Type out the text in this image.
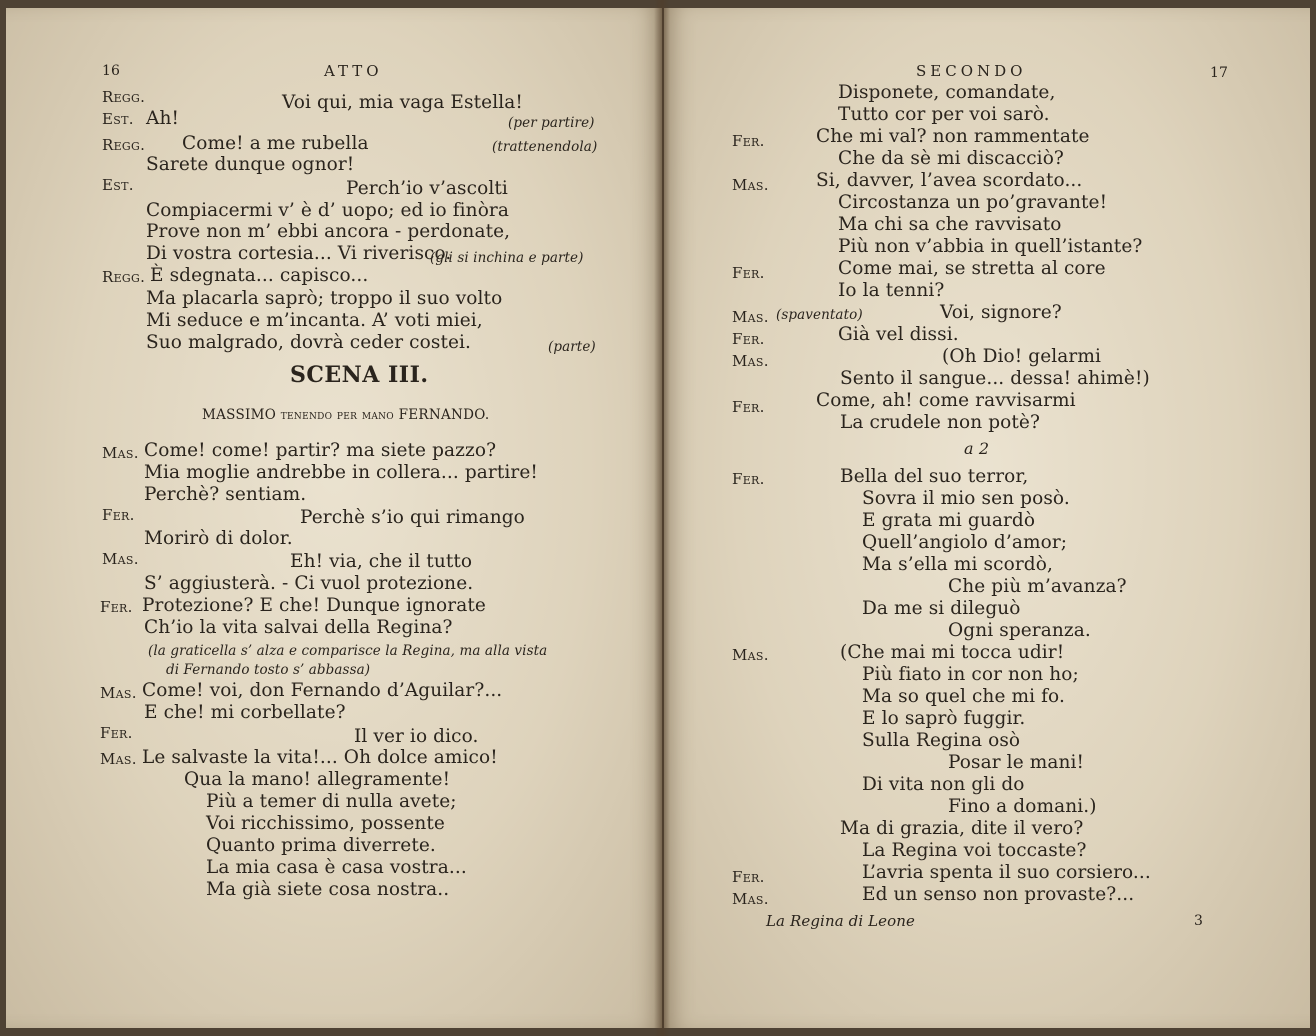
16	ATTO
Regg.	Voi qui, mia vaga Estella!
Est. Ah!	(per partire)
Regg. Come! a me rubella	(trattenendola)
Sarete dunque ognor!
Est.	Perch’io v’ascolti
Compiacermi v’ è d’ uopo; ed io finòra
Prove non m’ ebbi ancora - perdonate,
Di vostra cortesia... Vi riverisco.
(gli si inchina e parte)
Regg. È sdegnata... capisco...
Ma placarla saprò; troppo il suo volto
Mi seduce e m’incanta. A’ voti miei,
Suo malgrado, dovrà ceder costei.	(parte)
SCENA III.
MASSIMO tenendo per mano FERNANDO.
Mas. Come! come! partir? ma siete pazzo?
Mia moglie andrebbe in collera... partire!
Perchè? sentiam.
Fer.	Perchè s’io qui rimango
Morirò di dolor.
Mas.	Eh! via, che il tutto
S’ aggiusterà. - Ci vuol protezione.
Fer. Protezione? E che! Dunque ignorate
Ch’io la vita salvai della Regina?
(la graticella s’ alza e comparisce la Regina, ma alla vista
di Fernando tosto s’ abbassa)
Mas. Come! voi, don Fernando d’Aguilar?...
E che! mi corbellate?
Fer.	Il ver io dico.
Mas. Le salvaste la vita!... Oh dolce amico!
Qua la mano! allegramente!
Più a temer di nulla avete;
Voi ricchissimo, possente
Quanto prima diverrete.
La mia casa è casa vostra...
Ma già siete cosa nostra..
SECONDO	17
Disponete, comandate,
Tutto cor per voi sarò.
Fer.	Che mi val? non rammentate
Che da sè mi discacciò?
Mas.	Si, davver, l’avea scordato...
Circostanza un po’gravante!
Ma chi sa che ravvisato
Più non v’abbia in quell’istante?
Fer.	Come mai, se stretta al core
Io la tenni?
Mas. (spaventato)	Voi, signore?
Fer.	Già vel dissi.
Mas.	(Oh Dio! gelarmi
Sento il sangue... dessa! ahimè!)
Fer.	Come, ah! come ravvisarmi
La crudele non potè?
a 2
Fer.	Bella del suo terror,
Sovra il mio sen posò.
E grata mi guardò
Quell’angiolo d’amor;
Ma s’ella mi scordò,
Che più m’avanza?
Da me si dileguò
Ogni speranza.
Mas.	(Che mai mi tocca udir!
Più fiato in cor non ho;
Ma so quel che mi fo.
E lo saprò fuggir.
Sulla Regina osò
Posar le mani!
Di vita non gli do
Fino a domani.)
Ma di grazia, dite il vero?
La Regina voi toccaste?
Fer.	L’avria spenta il suo corsiero...
Mas.	Ed un senso non provaste?...
La Regina di Leone	3
